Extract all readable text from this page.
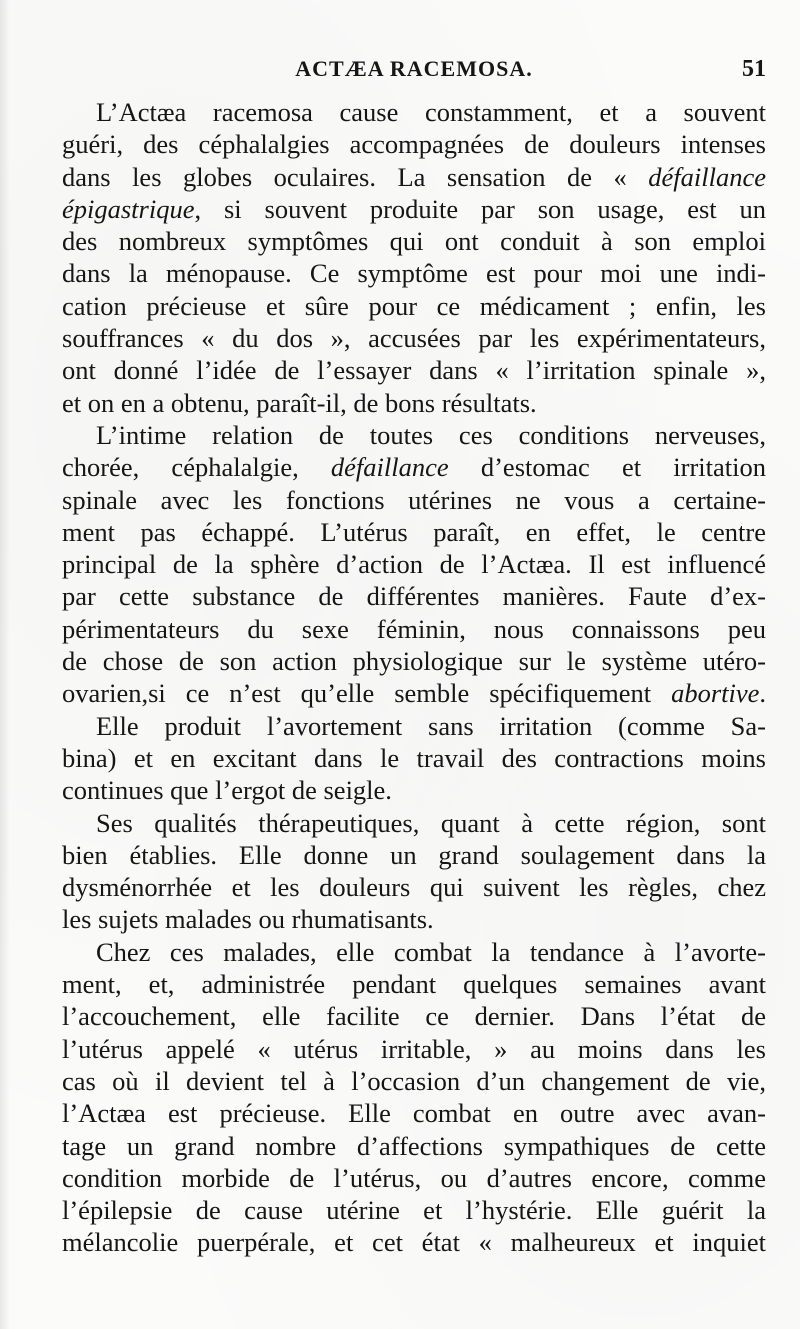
ACTÆA RACEMOSA.	51
L’Actæa racemosa cause constamment, et a souvent
guéri, des céphalalgies accompagnées de douleurs intenses
dans les globes oculaires. La sensation de « défaillance
épigastrique, si souvent produite par son usage, est un
des nombreux symptômes qui ont conduit à son emploi
dans la ménopause. Ce symptôme est pour moi une indi-
cation précieuse et sûre pour ce médicament ; enfin, les
souffrances « du dos », accusées par les expérimentateurs,
ont donné l’idée de l’essayer dans « l’irritation spinale »,
et on en a obtenu, paraît-il, de bons résultats.
L’intime relation de toutes ces conditions nerveuses,
chorée, céphalalgie, défaillance d’estomac et irritation
spinale avec les fonctions utérines ne vous a certaine-
ment pas échappé. L’utérus paraît, en effet, le centre
principal de la sphère d’action de l’Actæa. Il est influencé
par cette substance de différentes manières. Faute d’ex-
périmentateurs du sexe féminin, nous connaissons peu
de chose de son action physiologique sur le système utéro-
ovarien,si ce n’est qu’elle semble spécifiquement abortive.
Elle produit l’avortement sans irritation (comme Sa-
bina) et en excitant dans le travail des contractions moins
continues que l’ergot de seigle.
Ses qualités thérapeutiques, quant à cette région, sont
bien établies. Elle donne un grand soulagement dans la
dysménorrhée et les douleurs qui suivent les règles, chez
les sujets malades ou rhumatisants.
Chez ces malades, elle combat la tendance à l’avorte-
ment, et, administrée pendant quelques semaines avant
l’accouchement, elle facilite ce dernier. Dans l’état de
l’utérus appelé « utérus irritable, » au moins dans les
cas où il devient tel à l’occasion d’un changement de vie,
l’Actæa est précieuse. Elle combat en outre avec avan-
tage un grand nombre d’affections sympathiques de cette
condition morbide de l’utérus, ou d’autres encore, comme
l’épilepsie de cause utérine et l’hystérie. Elle guérit la
mélancolie puerpérale, et cet état « malheureux et inquiet
